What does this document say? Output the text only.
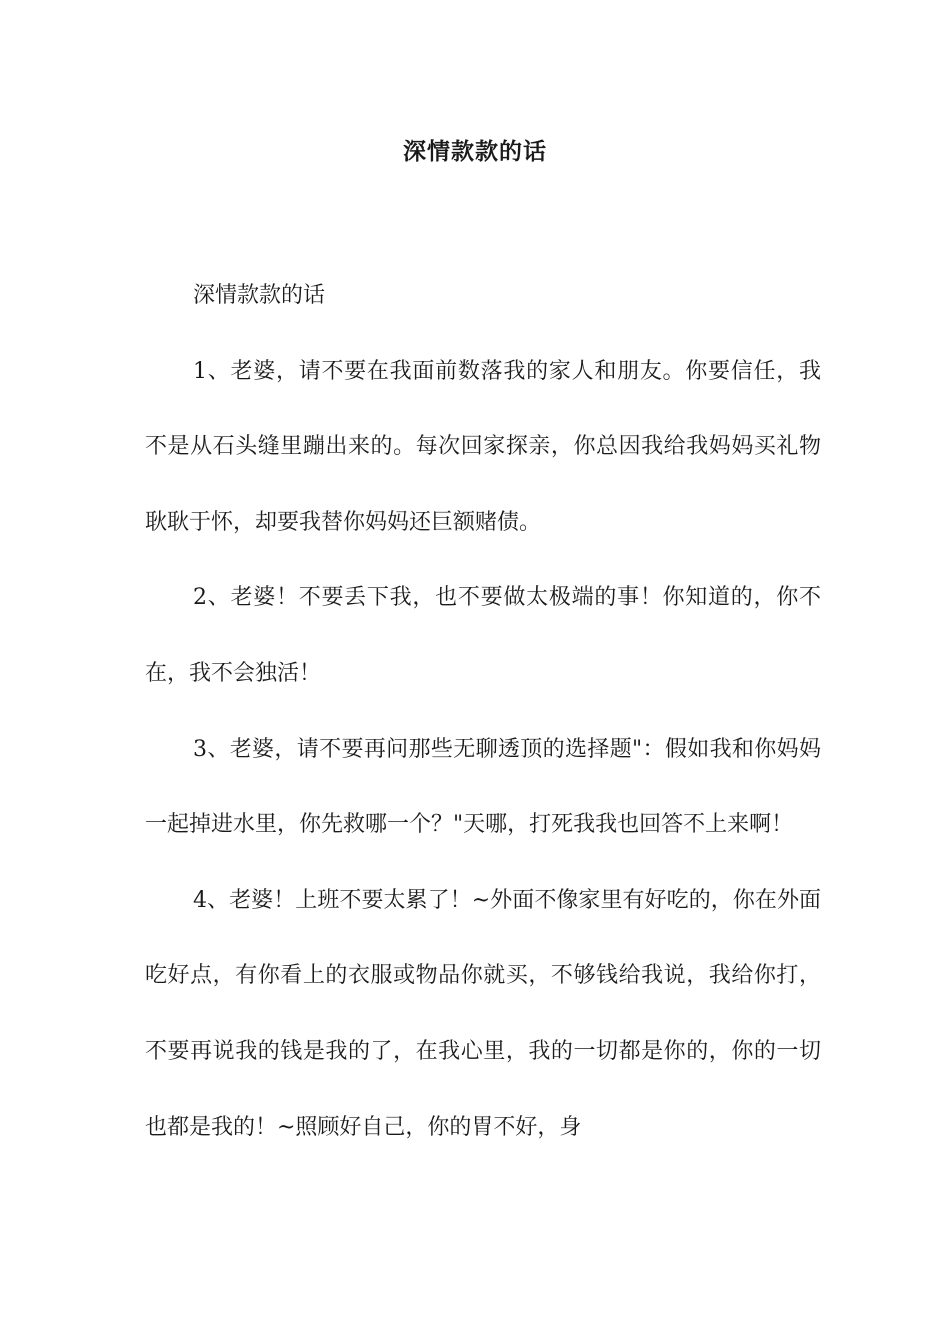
深情款款的话

深情款款的话

1、老婆，请不要在我面前数落我的家人和朋友。你要信任，我不是从石头缝里蹦出来的。每次回家探亲，你总因我给我妈妈买礼物耿耿于怀，却要我替你妈妈还巨额赌债。

2、老婆！不要丢下我，也不要做太极端的事！你知道的，你不在，我不会独活！

3、老婆，请不要再问那些无聊透顶的选择题"：假如我和你妈妈一起掉进水里，你先救哪一个？"天哪，打死我我也回答不上来啊！

4、老婆！上班不要太累了！~外面不像家里有好吃的，你在外面吃好点，有你看上的衣服或物品你就买，不够钱给我说，我给你打，不要再说我的钱是我的了，在我心里，我的一切都是你的，你的一切也都是我的！~照顾好自己，你的胃不好，身
